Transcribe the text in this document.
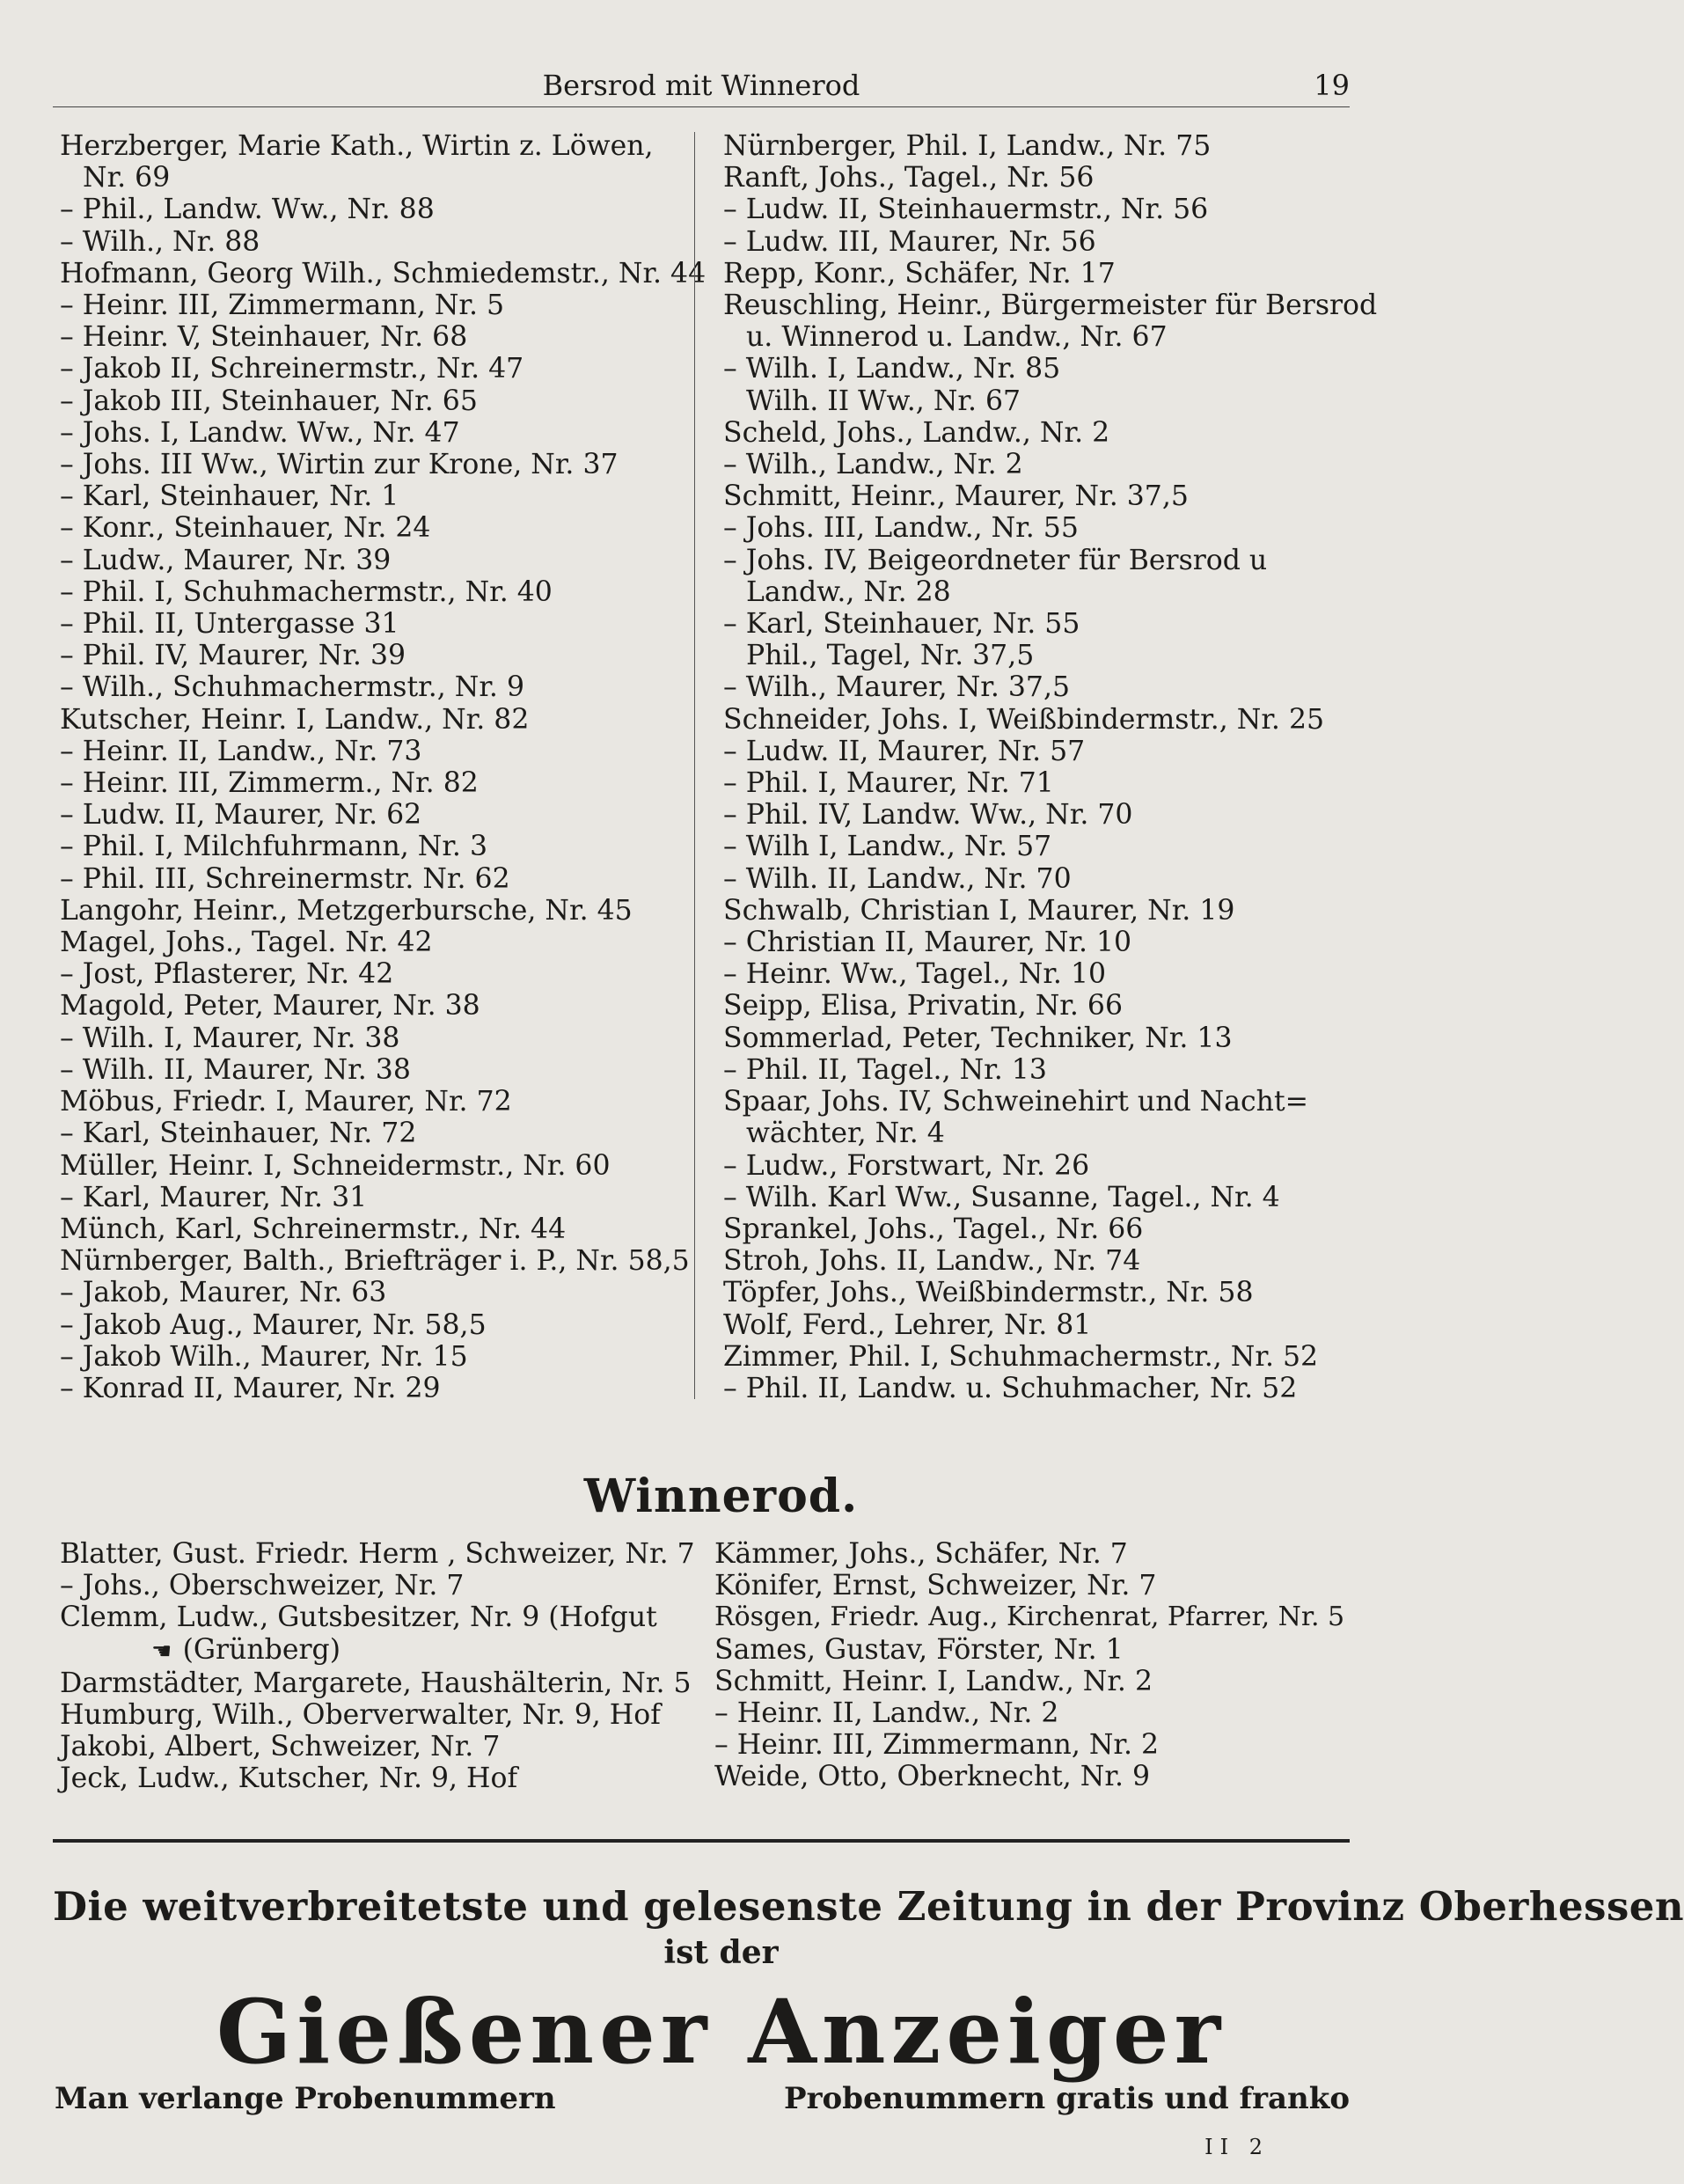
Bersrod mit Winnerod	19
Herzberger, Marie Kath., Wirtin z. Löwen,
Nr. 69
– Phil., Landw. Ww., Nr. 88
– Wilh., Nr. 88
Hofmann, Georg Wilh., Schmiedemstr., Nr. 44
– Heinr. III, Zimmermann, Nr. 5
– Heinr. V, Steinhauer, Nr. 68
– Jakob II, Schreinermstr., Nr. 47
– Jakob III, Steinhauer, Nr. 65
– Johs. I, Landw. Ww., Nr. 47
– Johs. III Ww., Wirtin zur Krone, Nr. 37
– Karl, Steinhauer, Nr. 1
– Konr., Steinhauer, Nr. 24
– Ludw., Maurer, Nr. 39
– Phil. I, Schuhmachermstr., Nr. 40
– Phil. II, Untergasse 31
– Phil. IV, Maurer, Nr. 39
– Wilh., Schuhmachermstr., Nr. 9
Kutscher, Heinr. I, Landw., Nr. 82
– Heinr. II, Landw., Nr. 73
– Heinr. III, Zimmerm., Nr. 82
– Ludw. II, Maurer, Nr. 62
– Phil. I, Milchfuhrmann, Nr. 3
– Phil. III, Schreinermstr. Nr. 62
Langohr, Heinr., Metzgerbursche, Nr. 45
Magel, Johs., Tagel. Nr. 42
– Jost, Pflasterer, Nr. 42
Magold, Peter, Maurer, Nr. 38
– Wilh. I, Maurer, Nr. 38
– Wilh. II, Maurer, Nr. 38
Möbus, Friedr. I, Maurer, Nr. 72
– Karl, Steinhauer, Nr. 72
Müller, Heinr. I, Schneidermstr., Nr. 60
– Karl, Maurer, Nr. 31
Münch, Karl, Schreinermstr., Nr. 44
Nürnberger, Balth., Briefträger i. P., Nr. 58,5
– Jakob, Maurer, Nr. 63
– Jakob Aug., Maurer, Nr. 58,5
– Jakob Wilh., Maurer, Nr. 15
– Konrad II, Maurer, Nr. 29
Nürnberger, Phil. I, Landw., Nr. 75
Ranft, Johs., Tagel., Nr. 56
– Ludw. II, Steinhauermstr., Nr. 56
– Ludw. III, Maurer, Nr. 56
Repp, Konr., Schäfer, Nr. 17
Reuschling, Heinr., Bürgermeister für Bersrod
u. Winnerod u. Landw., Nr. 67
– Wilh. I, Landw., Nr. 85
Wilh. II Ww., Nr. 67
Scheld, Johs., Landw., Nr. 2
– Wilh., Landw., Nr. 2
Schmitt, Heinr., Maurer, Nr. 37,5
– Johs. III, Landw., Nr. 55
– Johs. IV, Beigeordneter für Bersrod u
Landw., Nr. 28
– Karl, Steinhauer, Nr. 55
Phil., Tagel, Nr. 37,5
– Wilh., Maurer, Nr. 37,5
Schneider, Johs. I, Weißbindermstr., Nr. 25
– Ludw. II, Maurer, Nr. 57
– Phil. I, Maurer, Nr. 71
– Phil. IV, Landw. Ww., Nr. 70
– Wilh I, Landw., Nr. 57
– Wilh. II, Landw., Nr. 70
Schwalb, Christian I, Maurer, Nr. 19
– Christian II, Maurer, Nr. 10
– Heinr. Ww., Tagel., Nr. 10
Seipp, Elisa, Privatin, Nr. 66
Sommerlad, Peter, Techniker, Nr. 13
– Phil. II, Tagel., Nr. 13
Spaar, Johs. IV, Schweinehirt und Nacht=
wächter, Nr. 4
– Ludw., Forstwart, Nr. 26
– Wilh. Karl Ww., Susanne, Tagel., Nr. 4
Sprankel, Johs., Tagel., Nr. 66
Stroh, Johs. II, Landw., Nr. 74
Töpfer, Johs., Weißbindermstr., Nr. 58
Wolf, Ferd., Lehrer, Nr. 81
Zimmer, Phil. I, Schuhmachermstr., Nr. 52
– Phil. II, Landw. u. Schuhmacher, Nr. 52
Winnerod.
Blatter, Gust. Friedr. Herm , Schweizer, Nr. 7
– Johs., Oberschweizer, Nr. 7
Clemm, Ludw., Gutsbesitzer, Nr. 9 (Hofgut
☚ (Grünberg)
Darmstädter, Margarete, Haushälterin, Nr. 5
Humburg, Wilh., Oberverwalter, Nr. 9, Hof
Jakobi, Albert, Schweizer, Nr. 7
Jeck, Ludw., Kutscher, Nr. 9, Hof
Kämmer, Johs., Schäfer, Nr. 7
Könifer, Ernst, Schweizer, Nr. 7
Rösgen, Friedr. Aug., Kirchenrat, Pfarrer, Nr. 5
Sames, Gustav, Förster, Nr. 1
Schmitt, Heinr. I, Landw., Nr. 2
– Heinr. II, Landw., Nr. 2
– Heinr. III, Zimmermann, Nr. 2
Weide, Otto, Oberknecht, Nr. 9
Die weitverbreitetste und gelesenste Zeitung in der Provinz Oberhessen
ist der
Gießener Anzeiger
Man verlange Probenummern	Probenummern gratis und franko
II 2
